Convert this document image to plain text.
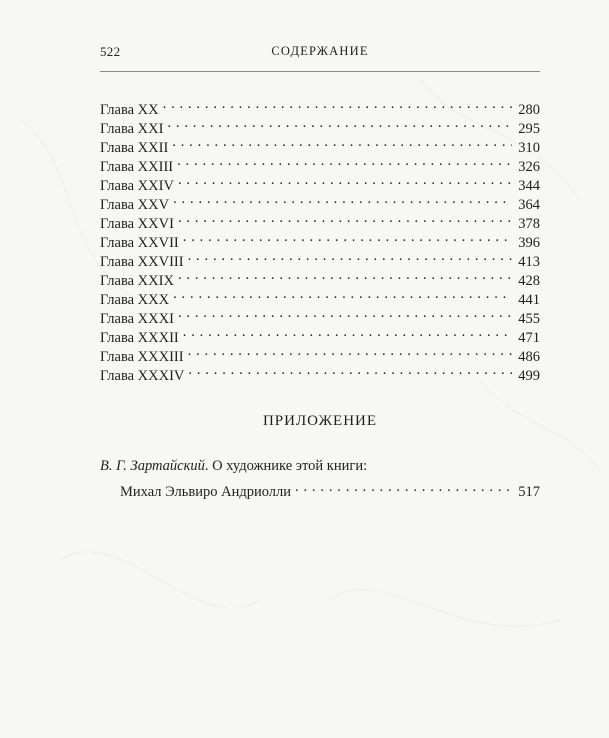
522	СОДЕРЖАНИЕ
Глава XX . . .	280
Глава XXI . . .	295
Глава XXII . . .	310
Глава XXIII . . .	326
Глава XXIV . . .	344
Глава XXV . . .	364
Глава XXVI . . .	378
Глава XXVII . . .	396
Глава XXVIII . . .	413
Глава XXIX . . .	428
Глава XXX . . .	441
Глава XXXI . . .	455
Глава XXXII . . .	471
Глава XXXIII . . .	486
Глава XXXIV . . .	499
ПРИЛОЖЕНИЕ
В. Г. Зартайский. О художнике этой книги:
Михал Эльвиро Андриолли . . .	517
